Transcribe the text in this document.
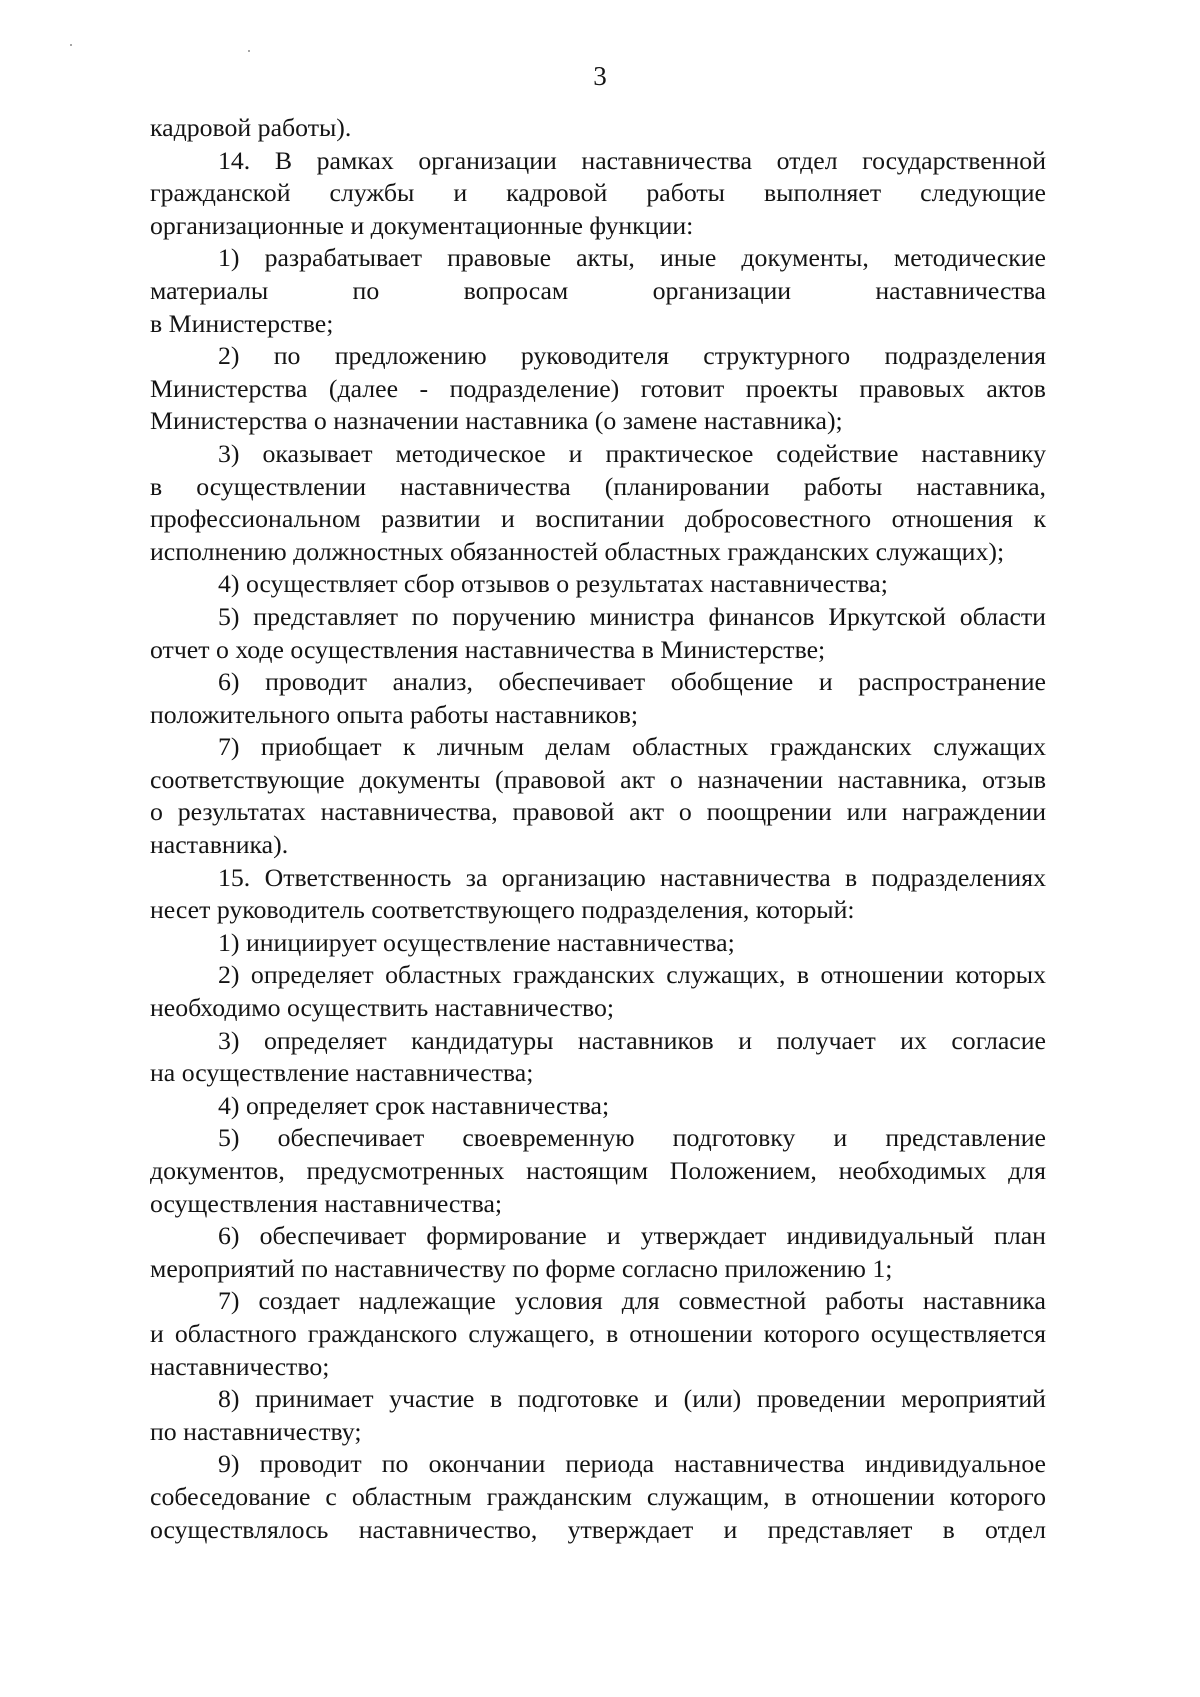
3
кадровой работы).
14. В рамках организации наставничества отдел государственной
гражданской службы и кадровой работы выполняет следующие
организационные и документационные функции:
1) разрабатывает правовые акты, иные документы, методические
материалы по вопросам организации наставничества
в Министерстве;
2) по предложению руководителя структурного подразделения
Министерства (далее - подразделение) готовит проекты правовых актов
Министерства о назначении наставника (о замене наставника);
3) оказывает методическое и практическое содействие наставнику
в осуществлении наставничества (планировании работы наставника,
профессиональном развитии и воспитании добросовестного отношения к
исполнению должностных обязанностей областных гражданских служащих);
4) осуществляет сбор отзывов о результатах наставничества;
5) представляет по поручению министра финансов Иркутской области
отчет о ходе осуществления наставничества в Министерстве;
6) проводит анализ, обеспечивает обобщение и распространение
положительного опыта работы наставников;
7) приобщает к личным делам областных гражданских служащих
соответствующие документы (правовой акт о назначении наставника, отзыв
о результатах наставничества, правовой акт о поощрении или награждении
наставника).
15. Ответственность за организацию наставничества в подразделениях
несет руководитель соответствующего подразделения, который:
1) инициирует осуществление наставничества;
2) определяет областных гражданских служащих, в отношении которых
необходимо осуществить наставничество;
3) определяет кандидатуры наставников и получает их согласие
на осуществление наставничества;
4) определяет срок наставничества;
5) обеспечивает своевременную подготовку и представление
документов, предусмотренных настоящим Положением, необходимых для
осуществления наставничества;
6) обеспечивает формирование и утверждает индивидуальный план
мероприятий по наставничеству по форме согласно приложению 1;
7) создает надлежащие условия для совместной работы наставника
и областного гражданского служащего, в отношении которого осуществляется
наставничество;
8) принимает участие в подготовке и (или) проведении мероприятий
по наставничеству;
9) проводит по окончании периода наставничества индивидуальное
собеседование с областным гражданским служащим, в отношении которого
осуществлялось наставничество, утверждает и представляет в отдел
